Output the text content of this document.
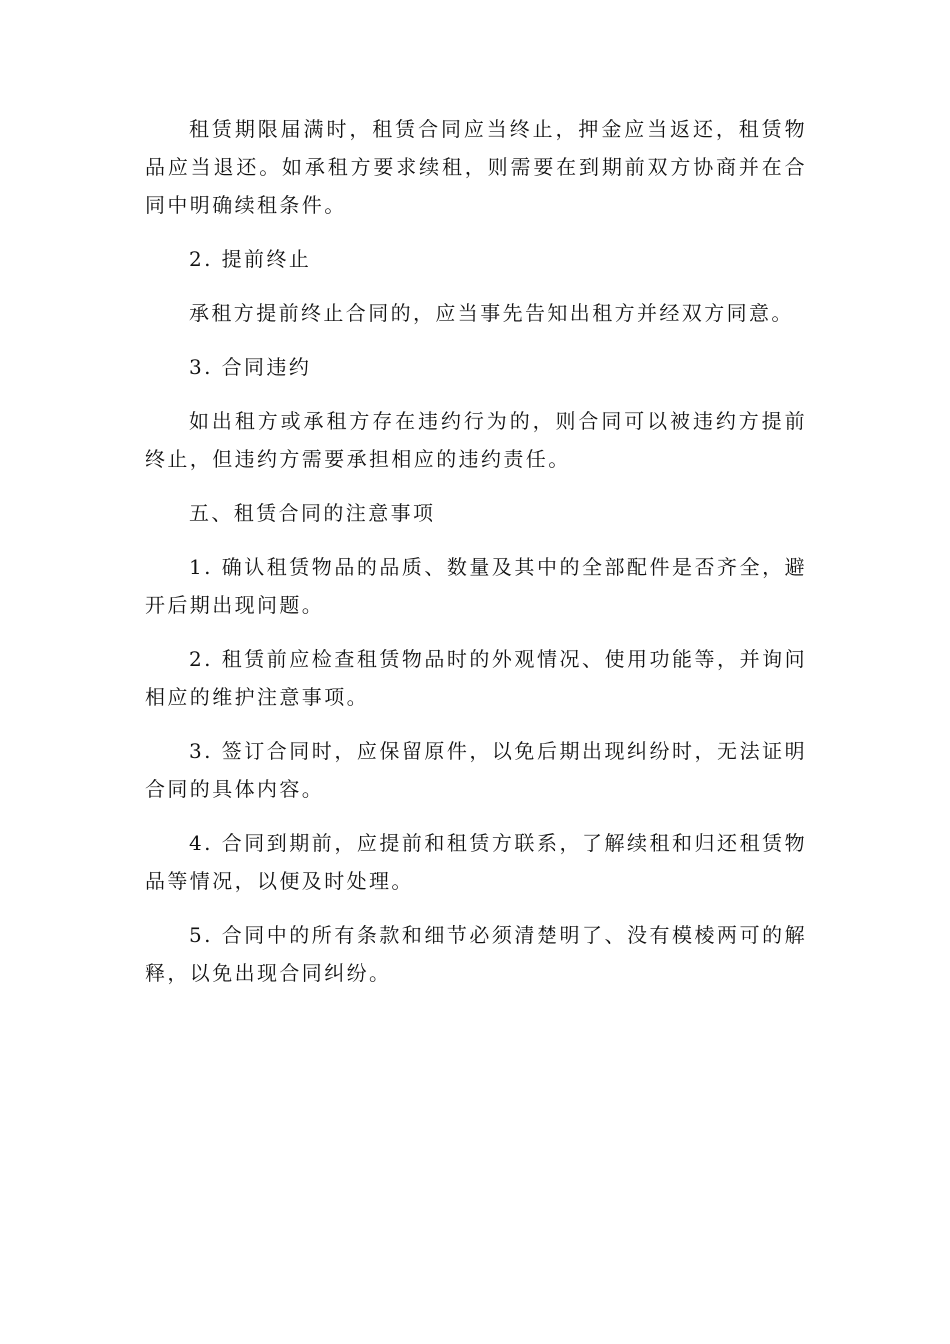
租赁期限届满时，租赁合同应当终止，押金应当返还，租赁物品应当退还。如承租方要求续租，则需要在到期前双方协商并在合同中明确续租条件。

2. 提前终止

承租方提前终止合同的，应当事先告知出租方并经双方同意。

3. 合同违约

如出租方或承租方存在违约行为的，则合同可以被违约方提前终止，但违约方需要承担相应的违约责任。

五、租赁合同的注意事项

1. 确认租赁物品的品质、数量及其中的全部配件是否齐全，避开后期出现问题。

2. 租赁前应检查租赁物品时的外观情况、使用功能等，并询问相应的维护注意事项。

3. 签订合同时，应保留原件，以免后期出现纠纷时，无法证明合同的具体内容。

4. 合同到期前，应提前和租赁方联系，了解续租和归还租赁物品等情况，以便及时处理。

5. 合同中的所有条款和细节必须清楚明了、没有模棱两可的解释，以免出现合同纠纷。
